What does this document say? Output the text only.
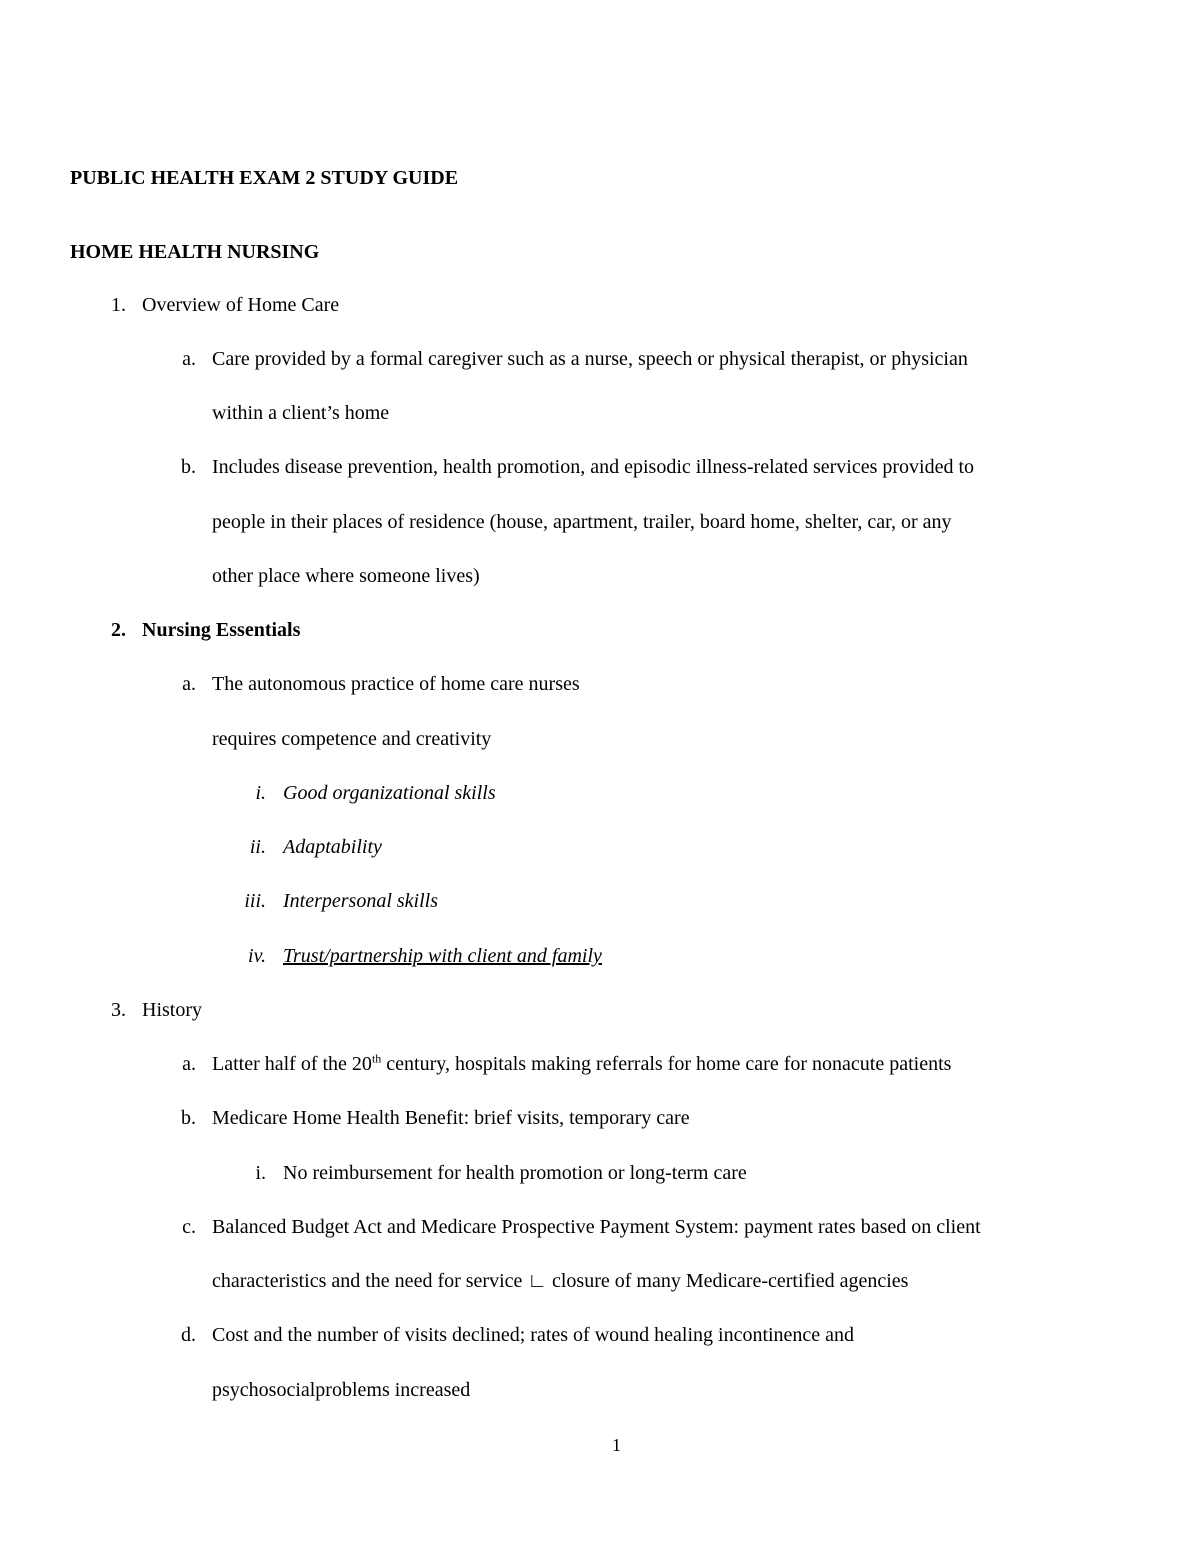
PUBLIC HEALTH EXAM 2 STUDY GUIDE
HOME HEALTH NURSING
1. Overview of Home Care
a. Care provided by a formal caregiver such as a nurse, speech or physical therapist, or physician
within a client’s home
b. Includes disease prevention, health promotion, and episodic illness-related services provided to
people in their places of residence (house, apartment, trailer, board home, shelter, car, or any
other place where someone lives)
2. Nursing Essentials
a. The autonomous practice of home care nurses
requires competence and creativity
i. Good organizational skills
ii. Adaptability
iii. Interpersonal skills
iv. Trust/partnership with client and family
3. History
a. Latter half of the 20th century, hospitals making referrals for home care for nonacute patients
b. Medicare Home Health Benefit: brief visits, temporary care
i. No reimbursement for health promotion or long-term care
c. Balanced Budget Act and Medicare Prospective Payment System: payment rates based on client
characteristics and the need for service ∟ closure of many Medicare-certified agencies
d. Cost and the number of visits declined; rates of wound healing incontinence and
psychosocialproblems increased
1
